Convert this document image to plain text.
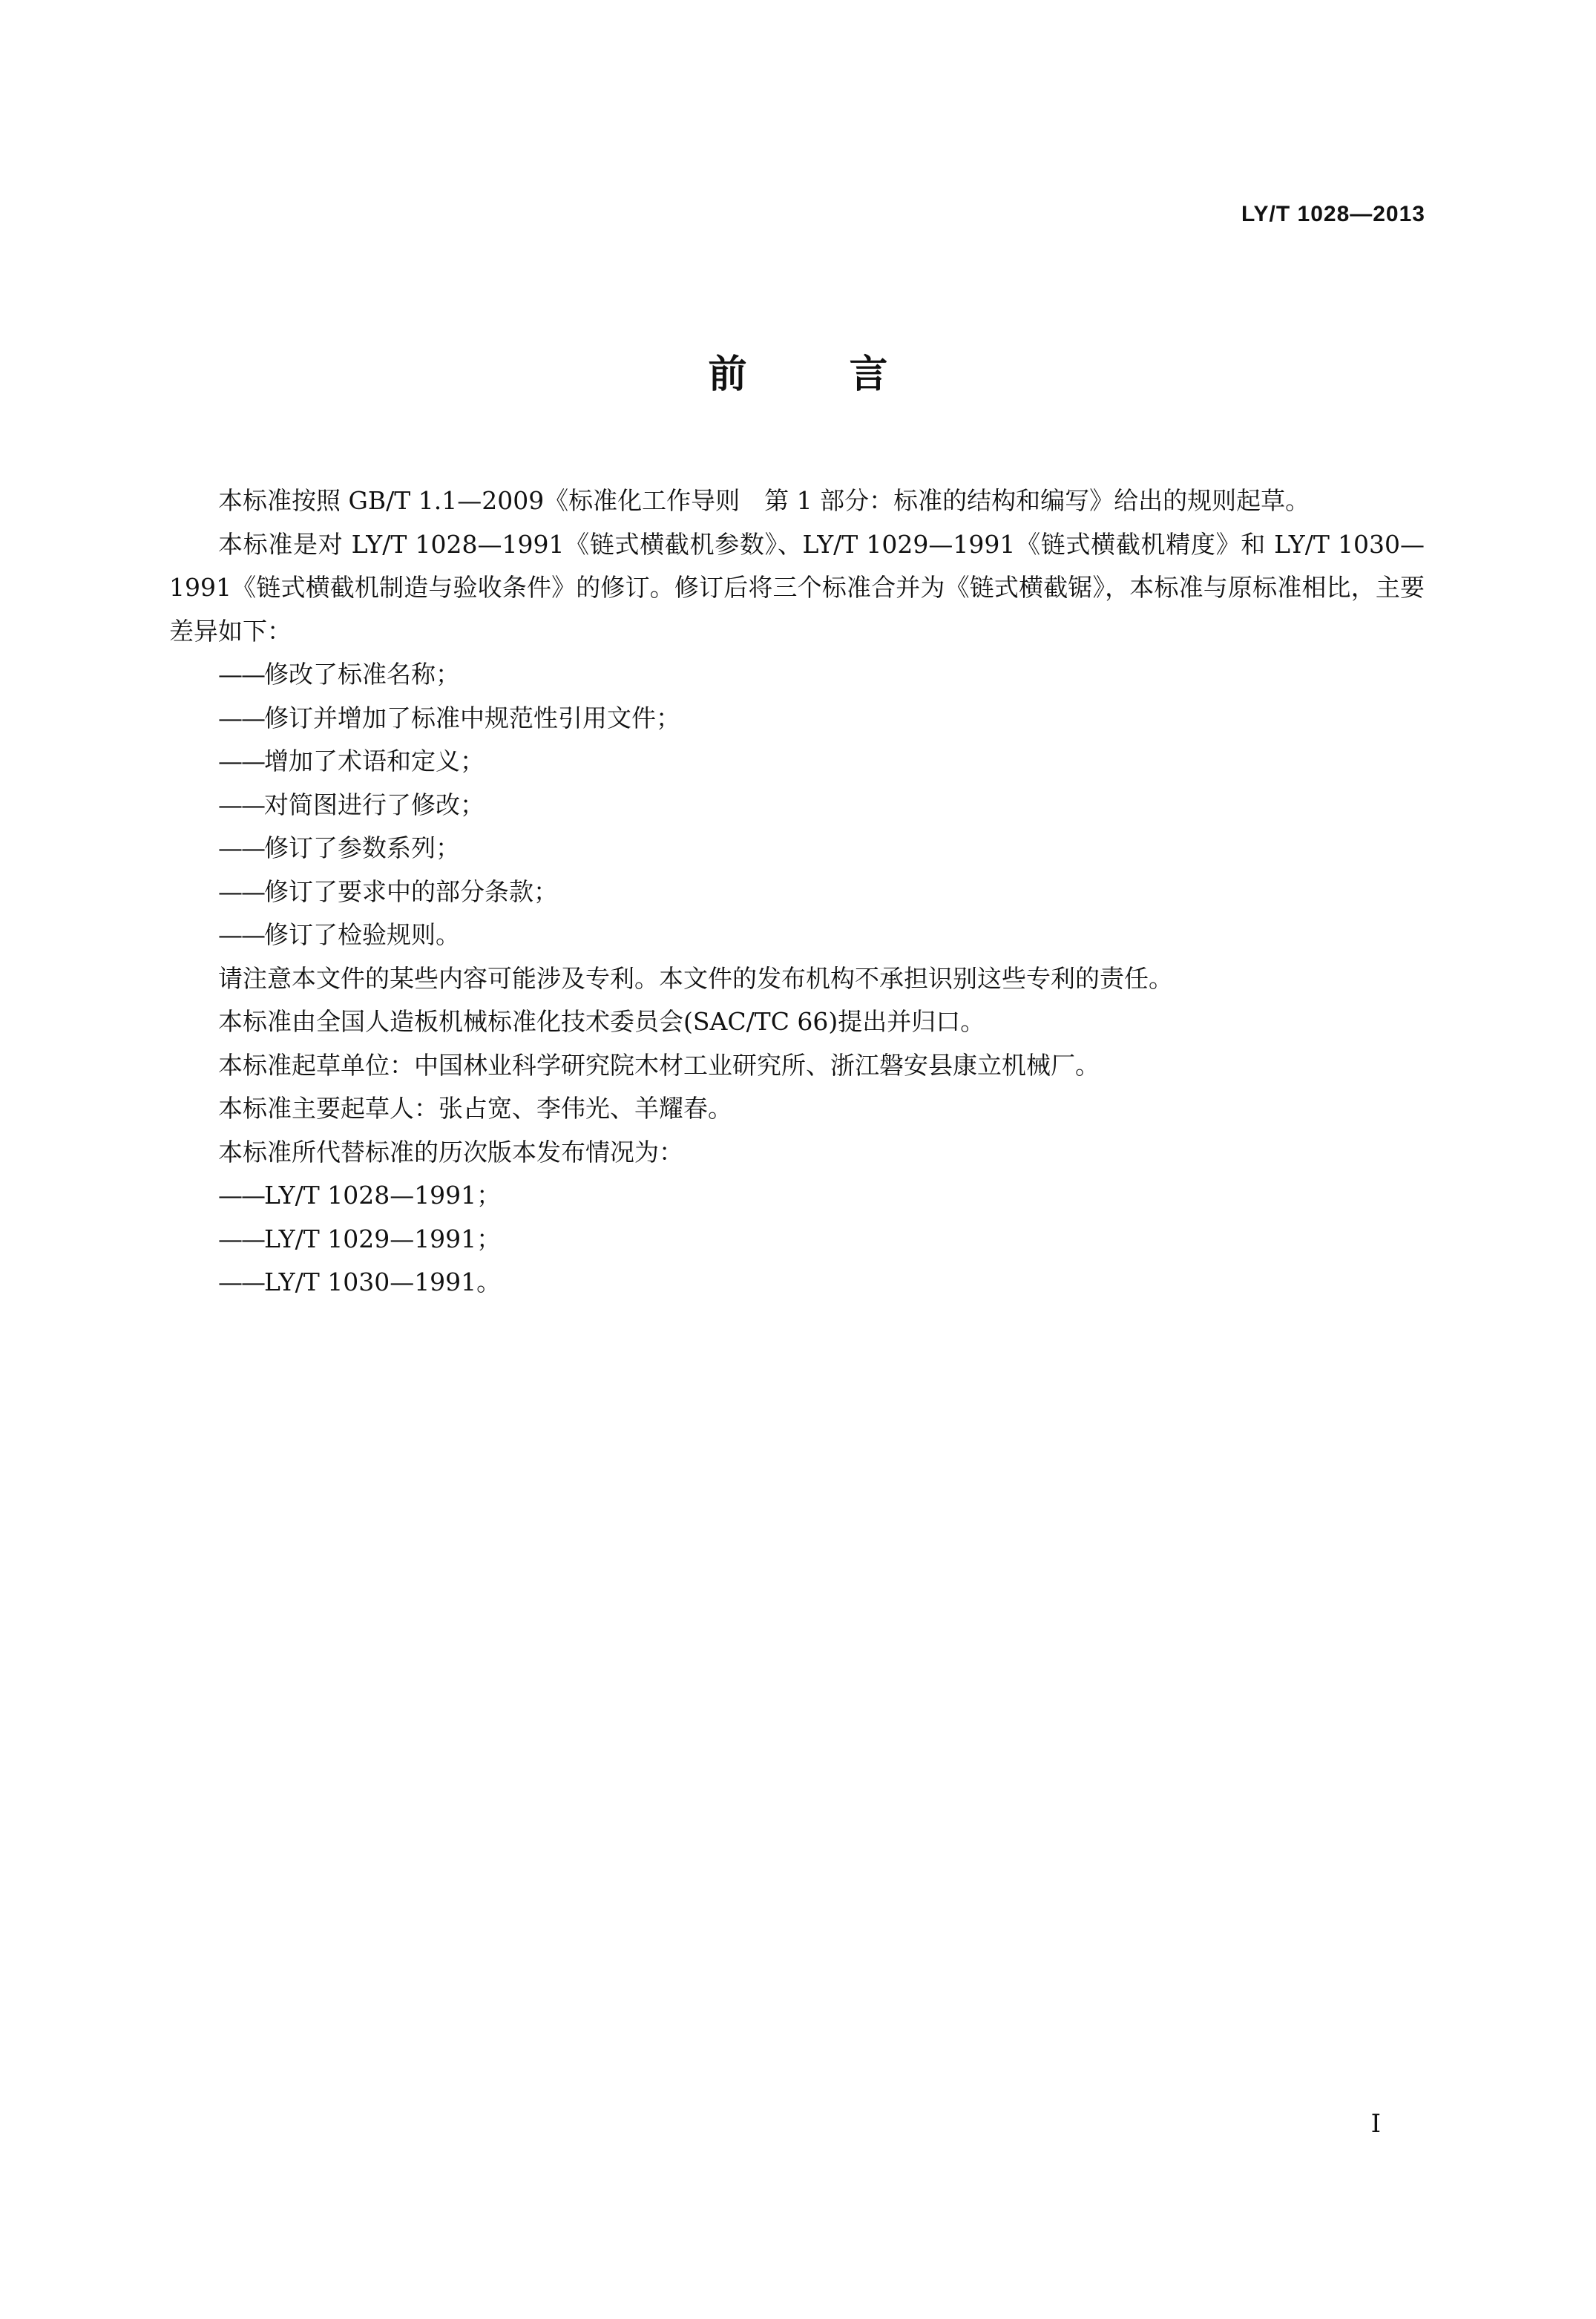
LY/T 1028—2013
前 言

本标准按照 GB/T 1.1—2009《标准化工作导则　第 1 部分：标准的结构和编写》给出的规则起草。

本标准是对 LY/T 1028—1991《链式横截机参数》、LY/T 1029—1991《链式横截机精度》和 LY/T 1030—1991《链式横截机制造与验收条件》的修订。修订后将三个标准合并为《链式横截锯》，本标准与原标准相比，主要差异如下：

——修改了标准名称；
——修订并增加了标准中规范性引用文件；
——增加了术语和定义；
——对简图进行了修改；
——修订了参数系列；
——修订了要求中的部分条款；
——修订了检验规则。

请注意本文件的某些内容可能涉及专利。本文件的发布机构不承担识别这些专利的责任。

本标准由全国人造板机械标准化技术委员会(SAC/TC 66)提出并归口。

本标准起草单位：中国林业科学研究院木材工业研究所、浙江磐安县康立机械厂。

本标准主要起草人：张占宽、李伟光、羊耀春。

本标准所代替标准的历次版本发布情况为：

——LY/T 1028—1991；
——LY/T 1029—1991；
——LY/T 1030—1991。
I
